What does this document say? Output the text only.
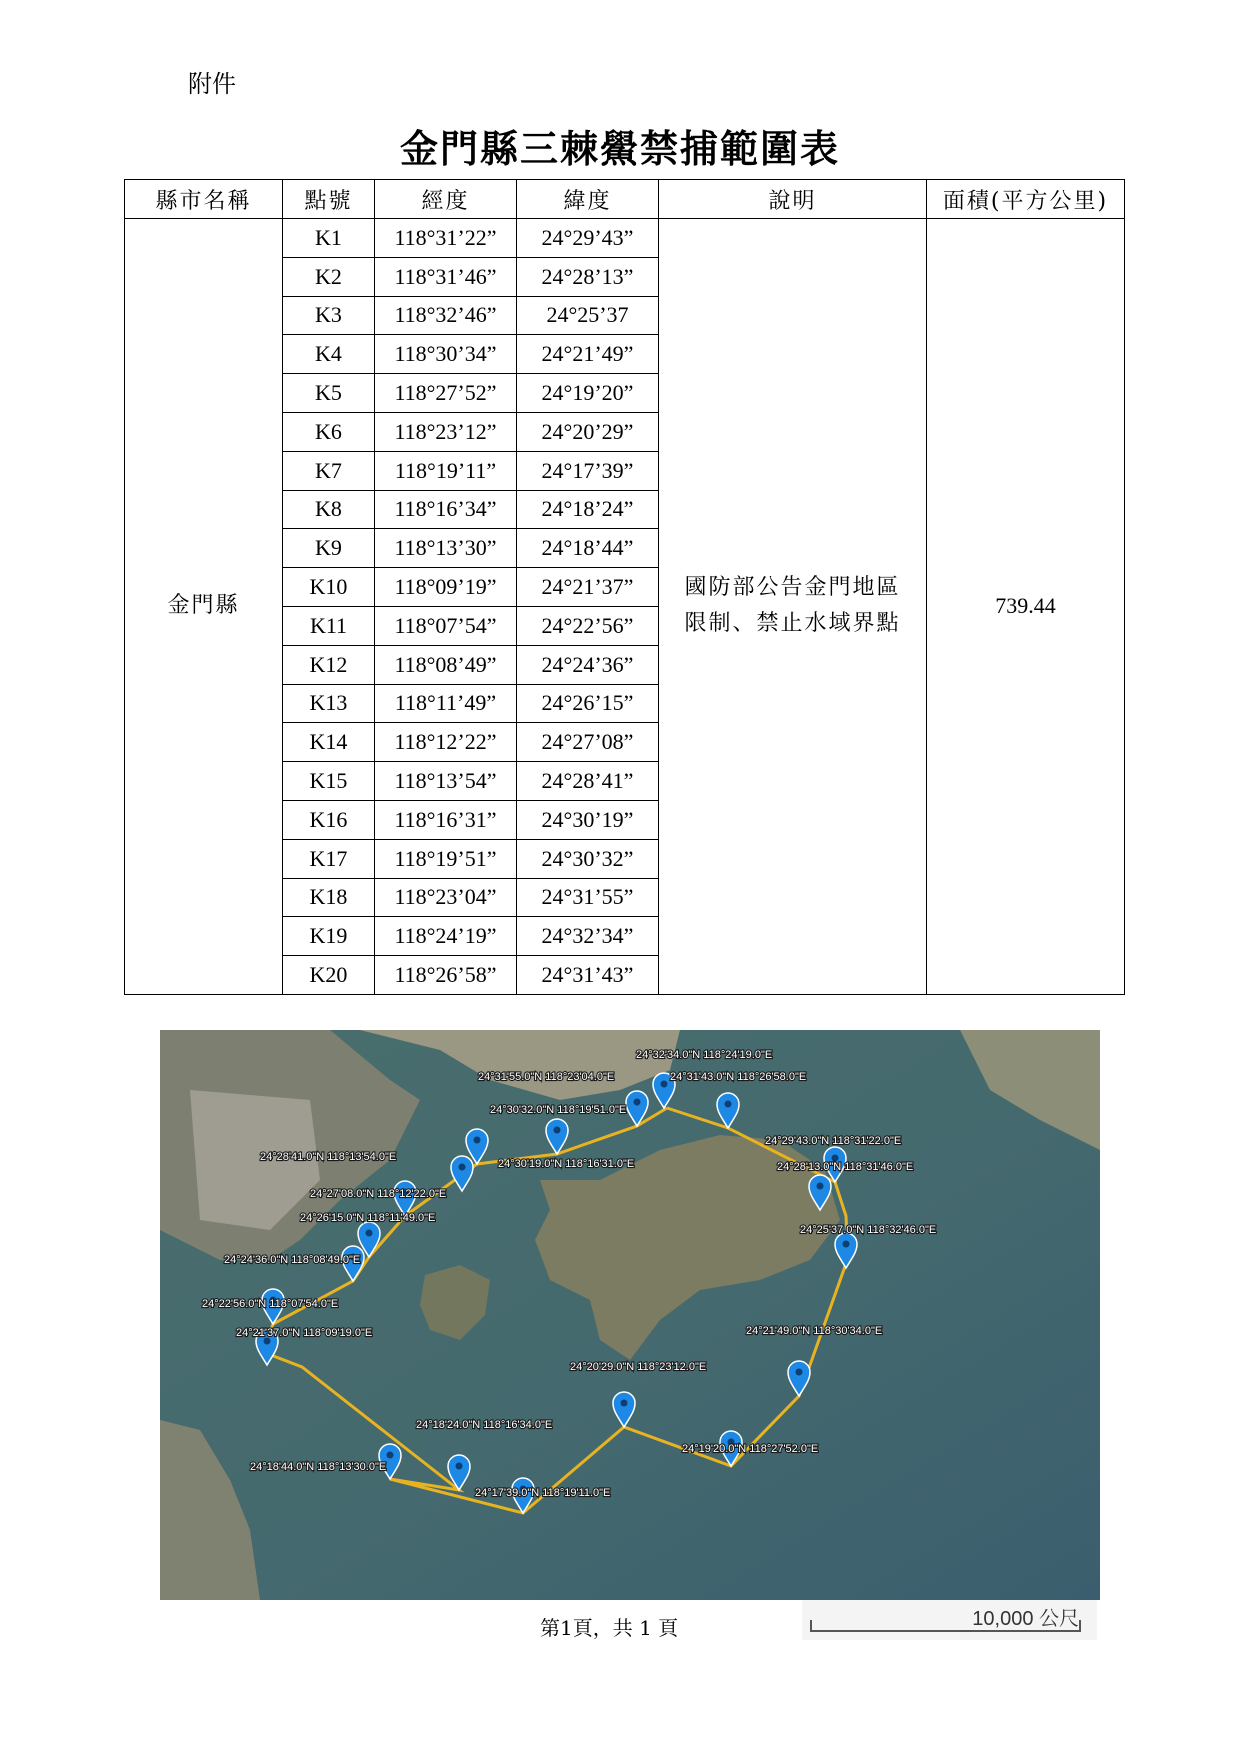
附件
金門縣三棘鱟禁捕範圍表
縣市名稱	點號	經度	緯度	說明	面積(平方公里)
金門縣	K1	118°31’22”	24°29’43”	國防部公告金門地區
限制、禁止水域界點	739.44
	K2	118°31’46”	24°28’13”		
	K3	118°32’46”	24°25’37		
	K4	118°30’34”	24°21’49”		
	K5	118°27’52”	24°19’20”		
	K6	118°23’12”	24°20’29”		
	K7	118°19’11”	24°17’39”		
	K8	118°16’34”	24°18’24”		
	K9	118°13’30”	24°18’44”		
	K10	118°09’19”	24°21’37”		
	K11	118°07’54”	24°22’56”		
	K12	118°08’49”	24°24’36”		
	K13	118°11’49”	24°26’15”		
	K14	118°12’22”	24°27’08”		
	K15	118°13’54”	24°28’41”		
	K16	118°16’31”	24°30’19”		
	K17	118°19’51”	24°30’32”		
	K18	118°23’04”	24°31’55”		
	K19	118°24’19”	24°32’34”		
	K20	118°26’58”	24°31’43”		
24°32'34.0"N 118°24'19.0"E
24°31'55.0"N 118°23'04.0"E	24°31'43.0"N 118°26'58.0"E
24°30'32.0"N 118°19'51.0"E
24°29'43.0"N 118°31'22.0"E
24°28'41.0"N 118°13'54.0"E
24°30'19.0"N 118°16'31.0"E	24°28'13.0"N 118°31'46.0"E
24°27'08.0"N 118°12'22.0"E
24°26'15.0"N 118°11'49.0"E
24°25'37.0"N 118°32'46.0"E
24°24'36.0"N 118°08'49.0"E
24°22'56.0"N 118°07'54.0"E
24°21'37.0"N 118°09'19.0"E	24°21'49.0"N 118°30'34.0"E
24°20'29.0"N 118°23'12.0"E
24°18'24.0"N 118°16'34.0"E
24°19'20.0"N 118°27'52.0"E
24°18'44.0"N 118°13'30.0"E
24°17'39.0"N 118°19'11.0"E
第1頁，共 1 頁	10,000 公尺
